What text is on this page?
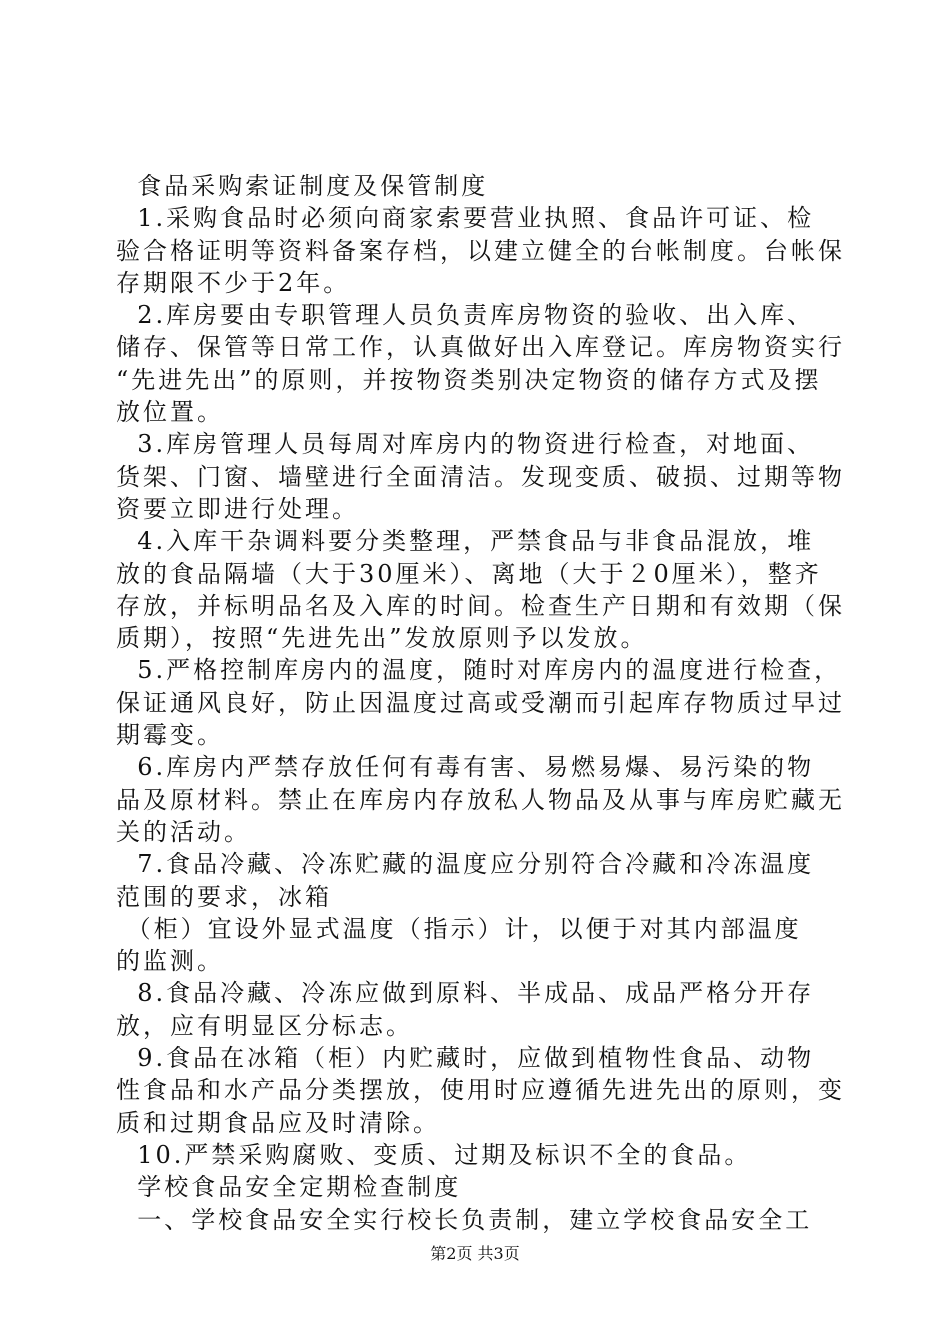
食品采购索证制度及保管制度
1.采购食品时必须向商家索要营业执照、食品许可证、检
验合格证明等资料备案存档，以建立健全的台帐制度。台帐保
存期限不少于2年。
2.库房要由专职管理人员负责库房物资的验收、出入库、
储存、保管等日常工作，认真做好出入库登记。库房物资实行
“先进先出”的原则，并按物资类别决定物资的储存方式及摆
放位置。
3.库房管理人员每周对库房内的物资进行检查，对地面、
货架、门窗、墙壁进行全面清洁。发现变质、破损、过期等物
资要立即进行处理。
4.入库干杂调料要分类整理，严禁食品与非食品混放，堆
放的食品隔墙（大于30厘米）、离地（大于２0厘米），整齐
存放，并标明品名及入库的时间。检查生产日期和有效期（保
质期），按照“先进先出”发放原则予以发放。
5.严格控制库房内的温度，随时对库房内的温度进行检查，
保证通风良好，防止因温度过高或受潮而引起库存物质过早过
期霉变。
6.库房内严禁存放任何有毒有害、易燃易爆、易污染的物
品及原材料。禁止在库房内存放私人物品及从事与库房贮藏无
关的活动。
7.食品冷藏、冷冻贮藏的温度应分别符合冷藏和冷冻温度
范围的要求，冰箱
（柜）宜设外显式温度（指示）计，以便于对其内部温度
的监测。
8.食品冷藏、冷冻应做到原料、半成品、成品严格分开存
放，应有明显区分标志。
9.食品在冰箱（柜）内贮藏时，应做到植物性食品、动物
性食品和水产品分类摆放，使用时应遵循先进先出的原则，变
质和过期食品应及时清除。
10.严禁采购腐败、变质、过期及标识不全的食品。
学校食品安全定期检查制度
一、学校食品安全实行校长负责制，建立学校食品安全工
第2页 共3页
